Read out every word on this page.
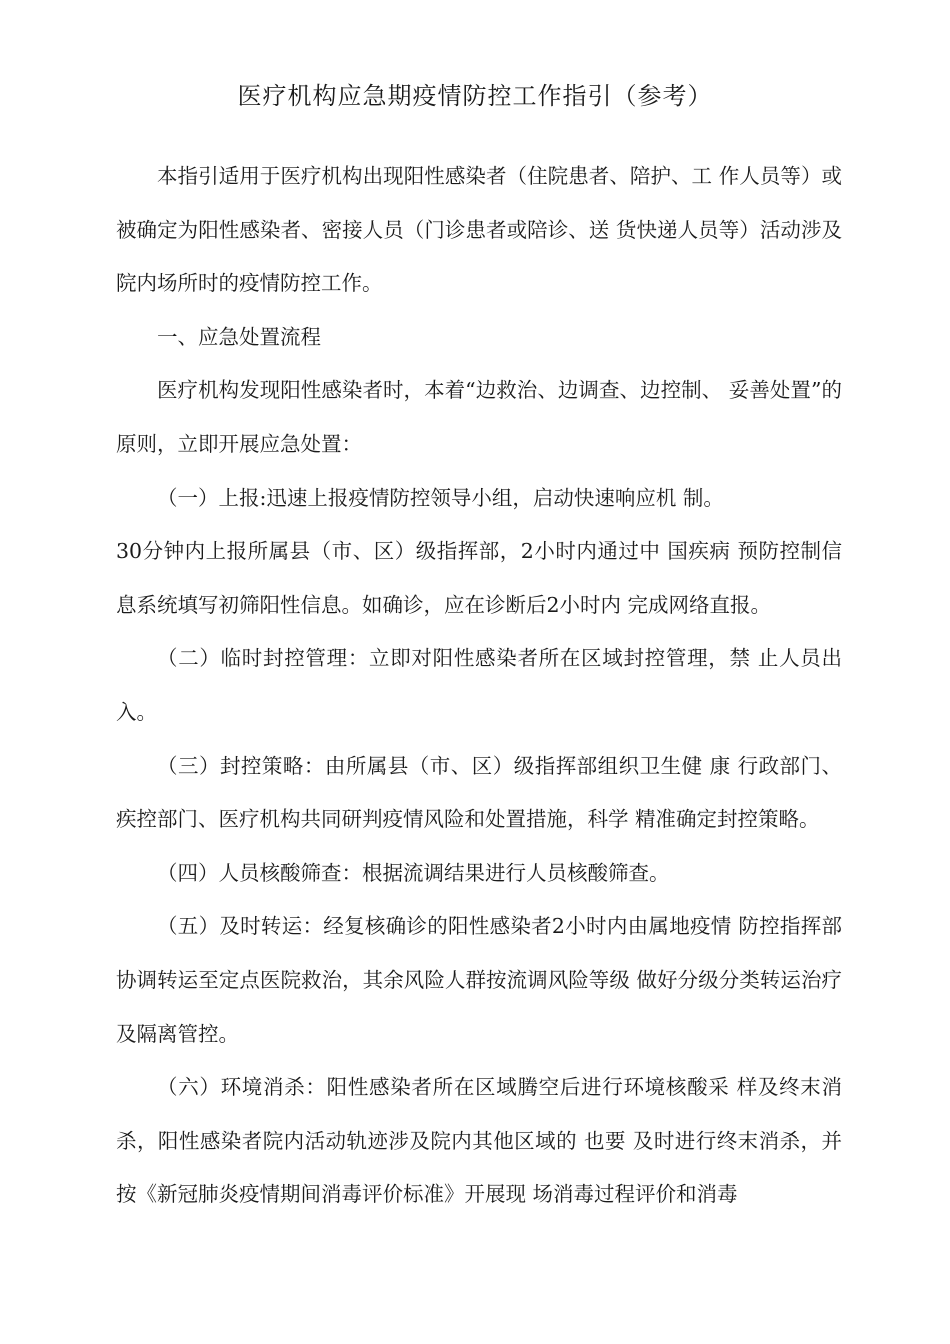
医疗机构应急期疫情防控工作指引（参考）

本指引适用于医疗机构出现阳性感染者（住院患者、陪护、工 作人员等）或被确定为阳性感染者、密接人员（门诊患者或陪诊、送 货快递人员等）活动涉及院内场所时的疫情防控工作。

一、应急处置流程

医疗机构发现阳性感染者时，本着“边救治、边调查、边控制、 妥善处置”的原则，立即开展应急处置：

（一）上报:迅速上报疫情防控领导小组，启动快速响应机 制。

30分钟内上报所属县（市、区）级指挥部，2小时内通过中 国疾病 预防控制信息系统填写初筛阳性信息。如确诊，应在诊断后2小时内 完成网络直报。

（二）临时封控管理：立即对阳性感染者所在区域封控管理，禁 止人员出入。

（三）封控策略：由所属县（市、区）级指挥部组织卫生健 康 行政部门、疾控部门、医疗机构共同研判疫情风险和处置措施，科学 精准确定封控策略。

（四）人员核酸筛查：根据流调结果进行人员核酸筛查。

（五）及时转运：经复核确诊的阳性感染者2小时内由属地疫情 防控指挥部协调转运至定点医院救治，其余风险人群按流调风险等级 做好分级分类转运治疗及隔离管控。

（六）环境消杀：阳性感染者所在区域腾空后进行环境核酸采 样及终末消杀，阳性感染者院内活动轨迹涉及院内其他区域的 也要 及时进行终末消杀，并按《新冠肺炎疫情期间消毒评价标准》开展现 场消毒过程评价和消毒
